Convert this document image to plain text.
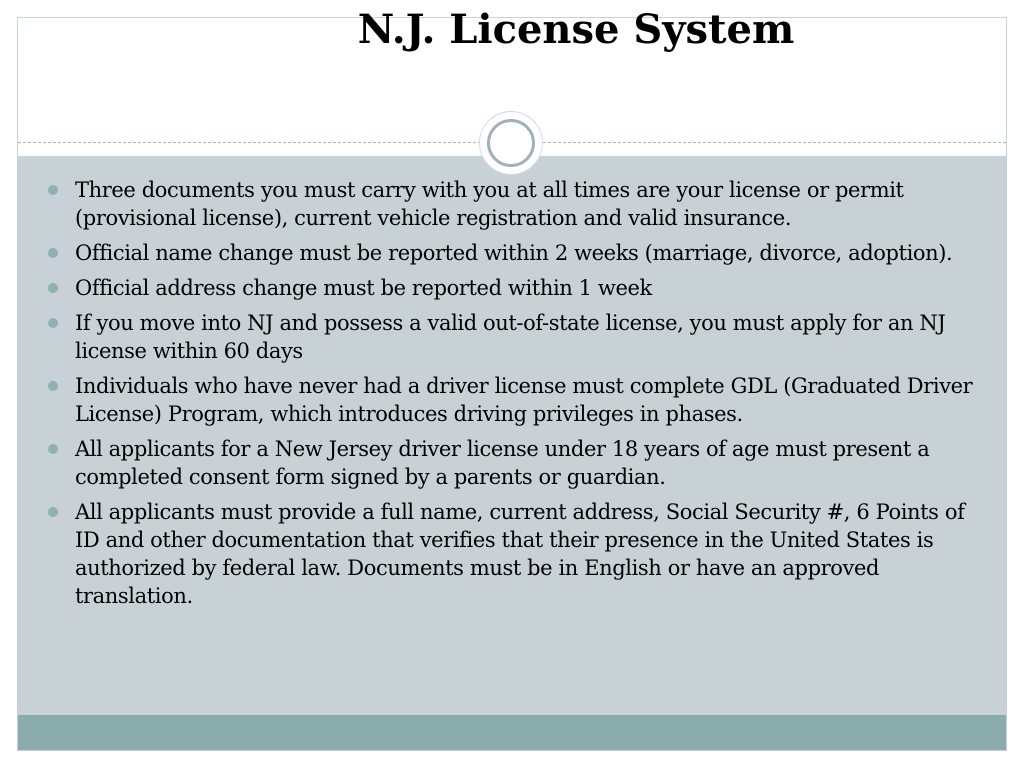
N.J. License System
Three documents you must carry with you at all times are your license or permit (provisional license), current vehicle registration and valid insurance.
Official name change must be reported within 2 weeks (marriage, divorce, adoption).
Official address change must be reported within 1 week
If you move into NJ and possess a valid out-of-state license, you must apply for an NJ license within 60 days
Individuals who have never had a driver license must complete GDL (Graduated Driver License) Program, which introduces driving privileges in phases.
All applicants for a New Jersey driver license under 18 years of age must present a completed consent form signed by a parents or guardian.
All applicants must provide a full name, current address, Social Security #, 6 Points of ID and other documentation that verifies that their presence in the United States is authorized by federal law. Documents must be in English or have an approved translation.
